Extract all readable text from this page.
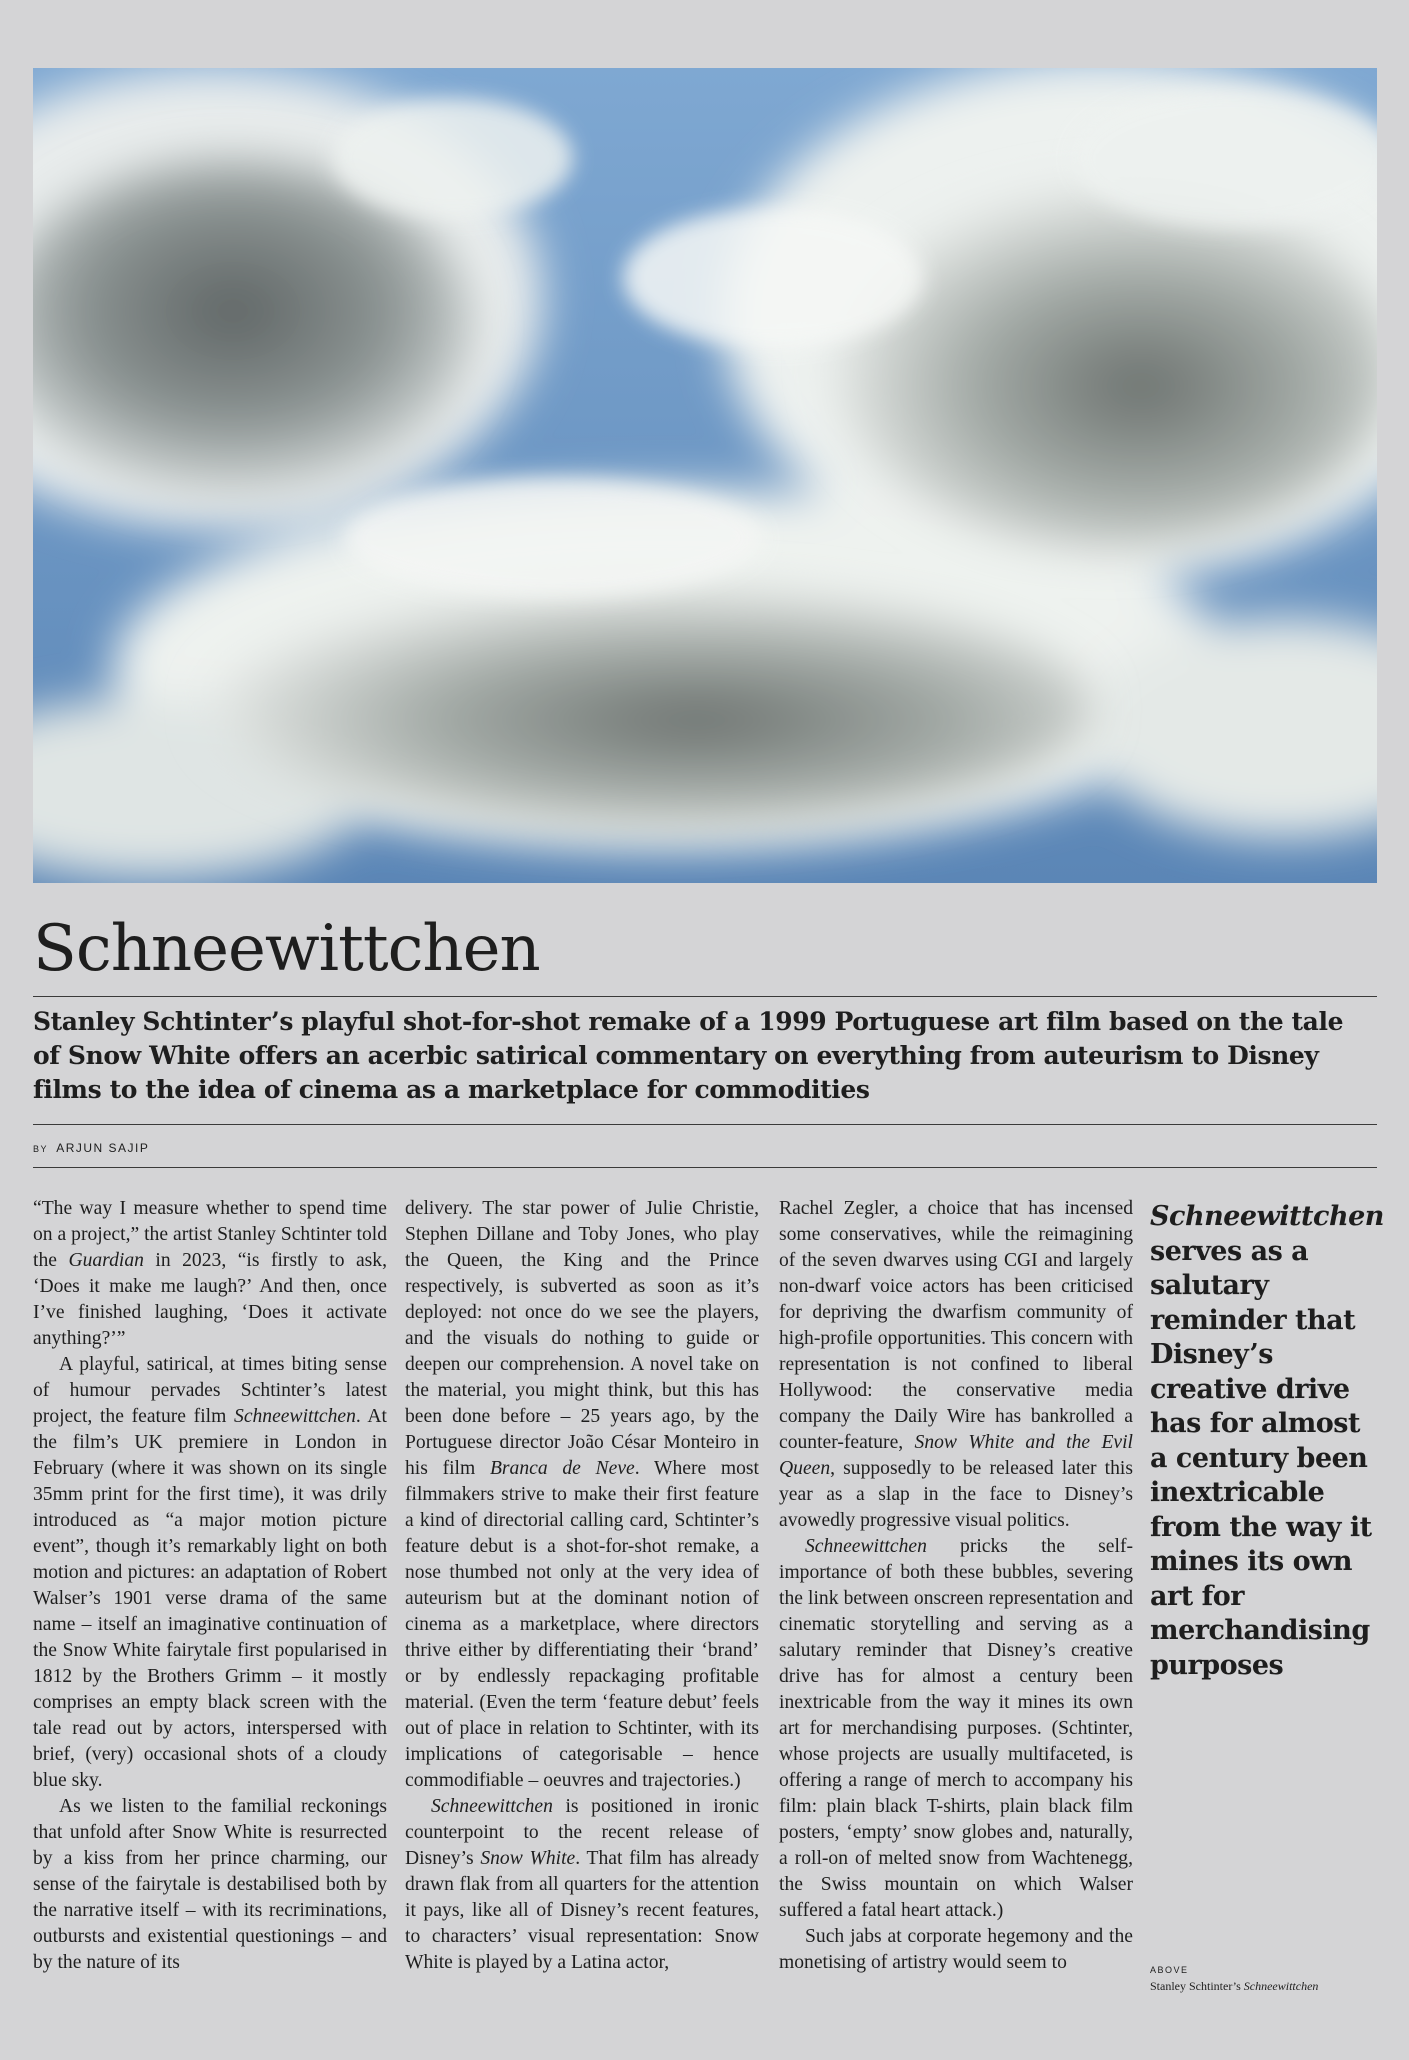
Schneewittchen

Stanley Schtinter’s playful shot-for-shot remake of a 1999 Portuguese art film based on the tale of Snow White offers an acerbic satirical commentary on everything from auteurism to Disney films to the idea of cinema as a marketplace for commodities

BY ARJUN SAJIP

“The way I measure whether to spend time on a project,” the artist Stanley Schtinter told the Guardian in 2023, “is firstly to ask, ‘Does it make me laugh?’ And then, once I’ve finished laughing, ‘Does it activate anything?’”

A playful, satirical, at times biting sense of humour pervades Schtinter’s latest project, the feature film Schneewittchen. At the film’s UK premiere in London in February (where it was shown on its single 35mm print for the first time), it was drily introduced as “a major motion picture event”, though it’s remarkably light on both motion and pictures: an adaptation of Robert Walser’s 1901 verse drama of the same name – itself an imaginative continuation of the Snow White fairytale first popularised in 1812 by the Brothers Grimm – it mostly comprises an empty black screen with the tale read out by actors, interspersed with brief, (very) occasional shots of a cloudy blue sky.

As we listen to the familial reckonings that unfold after Snow White is resurrected by a kiss from her prince charming, our sense of the fairytale is destabilised both by the narrative itself – with its recriminations, outbursts and existential questionings – and by the nature of its

delivery. The star power of Julie Christie, Stephen Dillane and Toby Jones, who play the Queen, the King and the Prince respectively, is subverted as soon as it’s deployed: not once do we see the players, and the visuals do nothing to guide or deepen our comprehension. A novel take on the material, you might think, but this has been done before – 25 years ago, by the Portuguese director João César Monteiro in his film Branca de Neve. Where most filmmakers strive to make their first feature a kind of directorial calling card, Schtinter’s feature debut is a shot-for-shot remake, a nose thumbed not only at the very idea of auteurism but at the dominant notion of cinema as a marketplace, where directors thrive either by differentiating their ‘brand’ or by endlessly repackaging profitable material. (Even the term ‘feature debut’ feels out of place in relation to Schtinter, with its implications of categorisable – hence commodifiable – oeuvres and trajectories.)

Schneewittchen is positioned in ironic counterpoint to the recent release of Disney’s Snow White. That film has already drawn flak from all quarters for the attention it pays, like all of Disney’s recent features, to characters’ visual representation: Snow White is played by a Latina actor,

Rachel Zegler, a choice that has incensed some conservatives, while the reimagining of the seven dwarves using CGI and largely non-dwarf voice actors has been criticised for depriving the dwarfism community of high-profile opportunities. This concern with representation is not confined to liberal Hollywood: the conservative media company the Daily Wire has bankrolled a counter-feature, Snow White and the Evil Queen, supposedly to be released later this year as a slap in the face to Disney’s avowedly progressive visual politics.

Schneewittchen pricks the self-importance of both these bubbles, severing the link between onscreen representation and cinematic storytelling and serving as a salutary reminder that Disney’s creative drive has for almost a century been inextricable from the way it mines its own art for merchandising purposes. (Schtinter, whose projects are usually multifaceted, is offering a range of merch to accompany his film: plain black T-shirts, plain black film posters, ‘empty’ snow globes and, naturally, a roll-on of melted snow from Wachtenegg, the Swiss mountain on which Walser suffered a fatal heart attack.)

Such jabs at corporate hegemony and the monetising of artistry would seem to

Schneewittchen serves as a salutary reminder that Disney’s creative drive has for almost a century been inextricable from the way it mines its own art for merchandising purposes
ABOVE
Stanley Schtinter’s Schneewittchen
